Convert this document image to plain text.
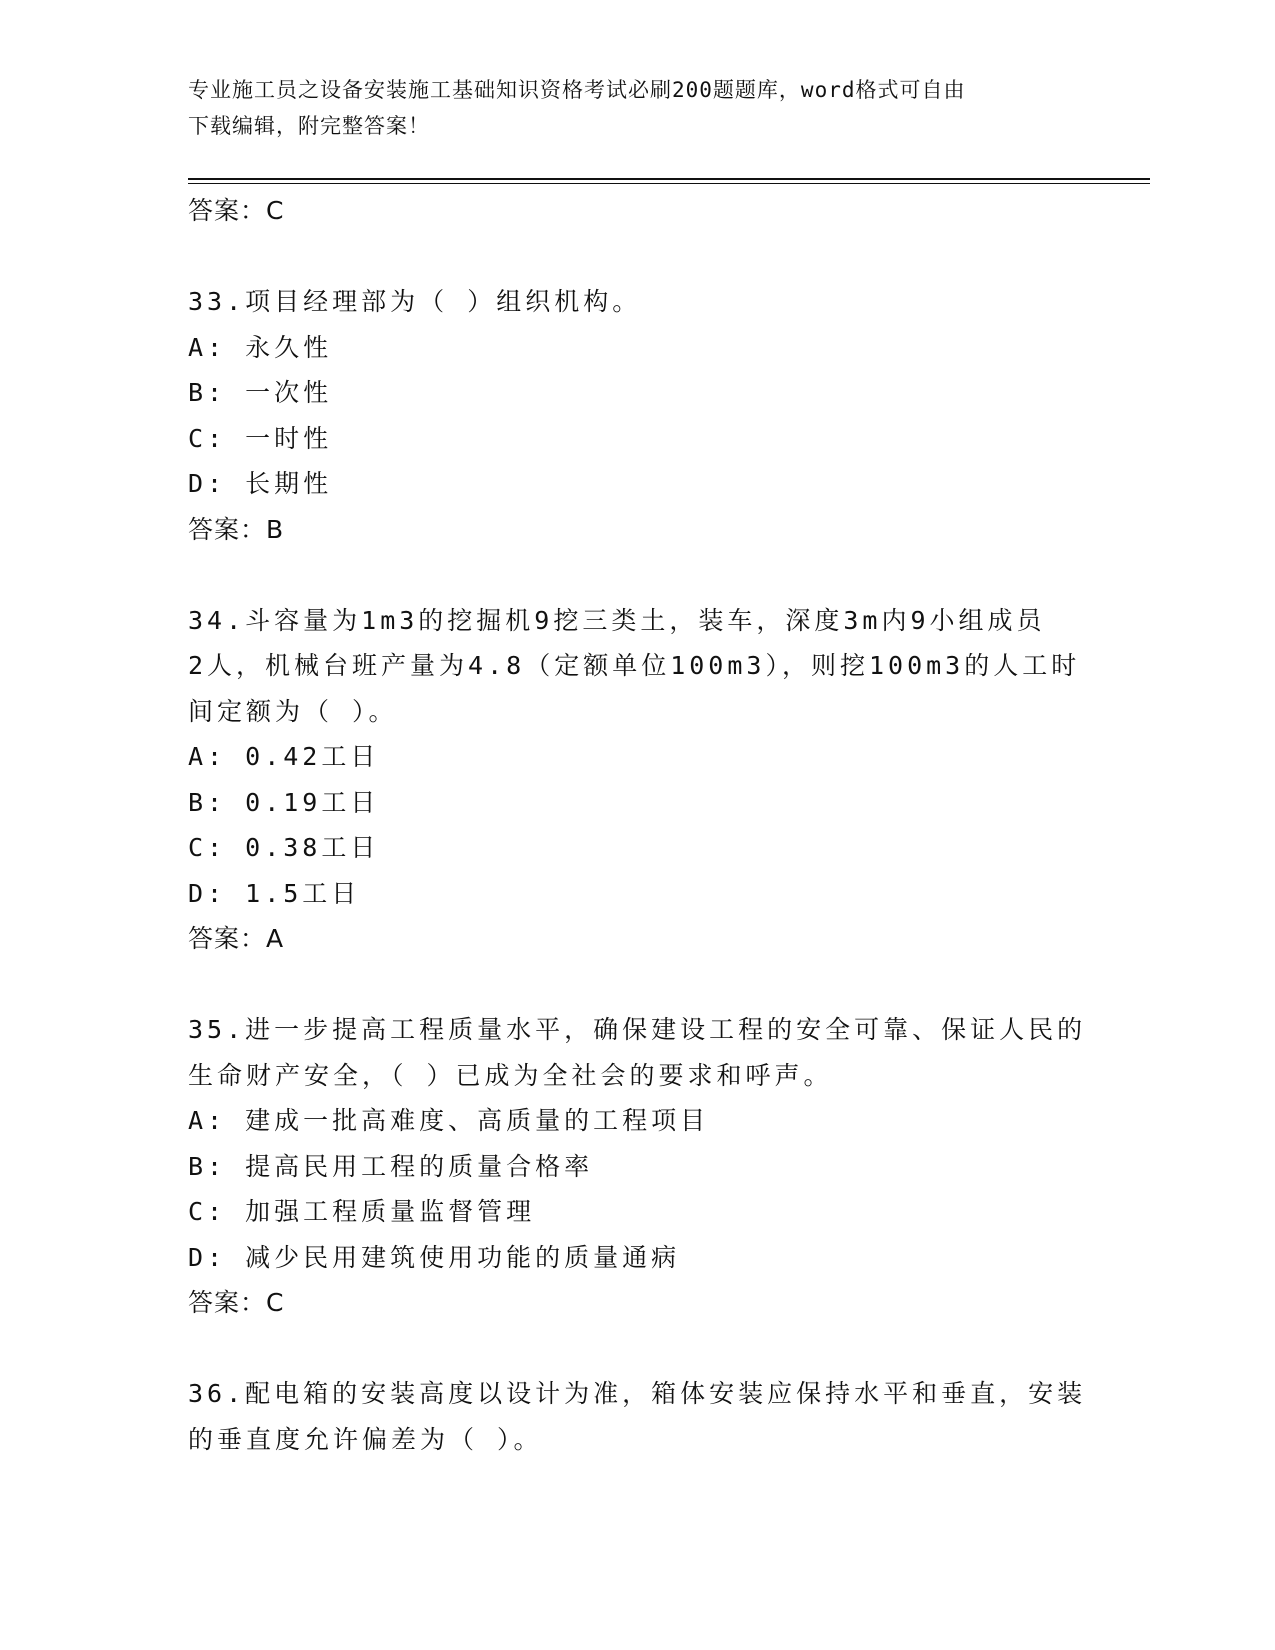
专业施工员之设备安装施工基础知识资格考试必刷200题题库，word格式可自由
下载编辑，附完整答案！
答案：C
33.项目经理部为（ ）组织机构。
A: 永久性
B: 一次性
C: 一时性
D: 长期性
答案：B
34.斗容量为1m3的挖掘机9挖三类土，装车，深度3m内9小组成员
2人，机械台班产量为4.8（定额单位100m3），则挖100m3的人工时
间定额为（ ）。
A: 0.42工日
B: 0.19工日
C: 0.38工日
D: 1.5工日
答案：A
35.进一步提高工程质量水平，确保建设工程的安全可靠、保证人民的
生命财产安全，（ ）已成为全社会的要求和呼声。
A: 建成一批高难度、高质量的工程项目
B: 提高民用工程的质量合格率
C: 加强工程质量监督管理
D: 减少民用建筑使用功能的质量通病
答案：C
36.配电箱的安装高度以设计为准，箱体安装应保持水平和垂直，安装
的垂直度允许偏差为（ ）。
